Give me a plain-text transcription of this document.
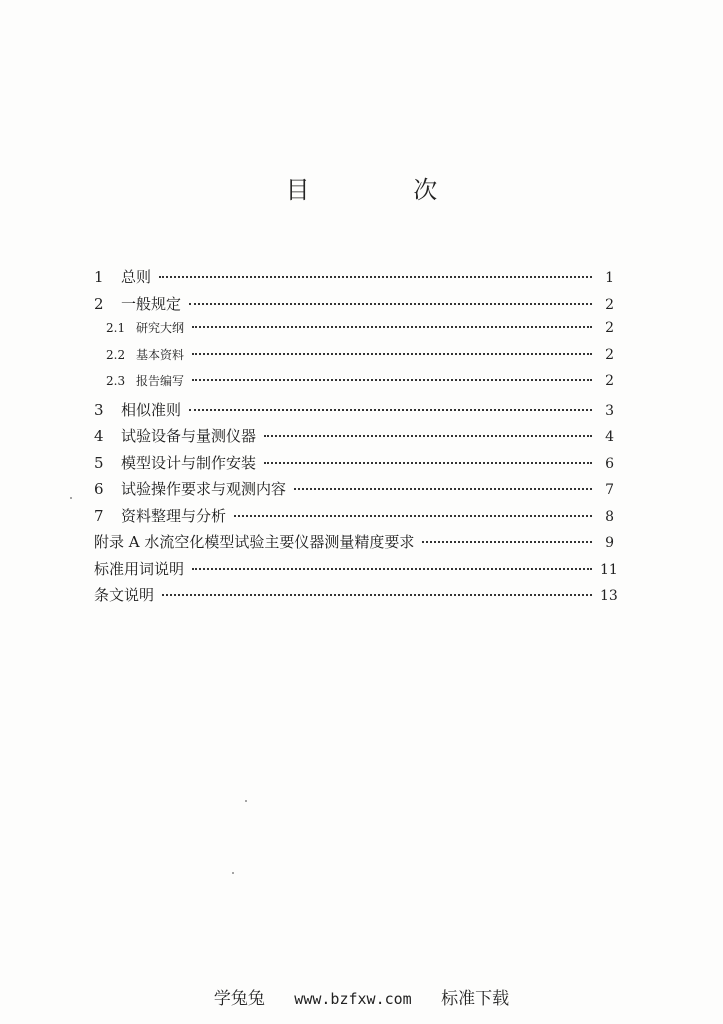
目 次
1	总则	1
2	一般规定	2
2.1 研究大纲	2
2.2 基本资料	2
2.3 报告编写	2
3	相似准则	3
4	试验设备与量测仪器	4
5	模型设计与制作安装	6
6	试验操作要求与观测内容	7
7	资料整理与分析	8
附录 A 水流空化模型试验主要仪器测量精度要求	9
标准用词说明	11
条文说明	13
学兔兔 www.bzfxw.com 标准下载
